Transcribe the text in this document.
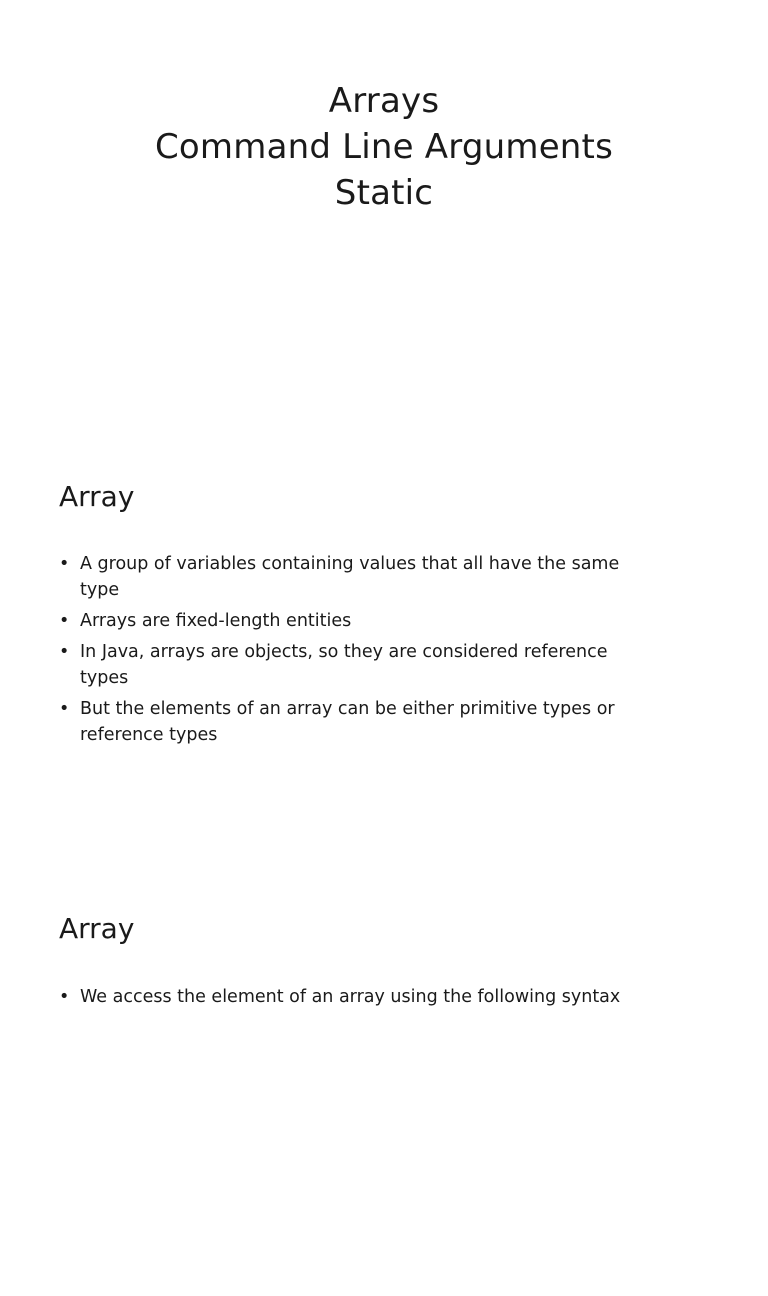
Arrays
Command Line Arguments
Static
Array
• A group of variables containing values that all have the same type
• Arrays are fixed-length entities
• In Java, arrays are objects, so they are considered reference types
• But the elements of an array can be either primitive types or reference types
Array
• We access the element of an array using the following syntax
